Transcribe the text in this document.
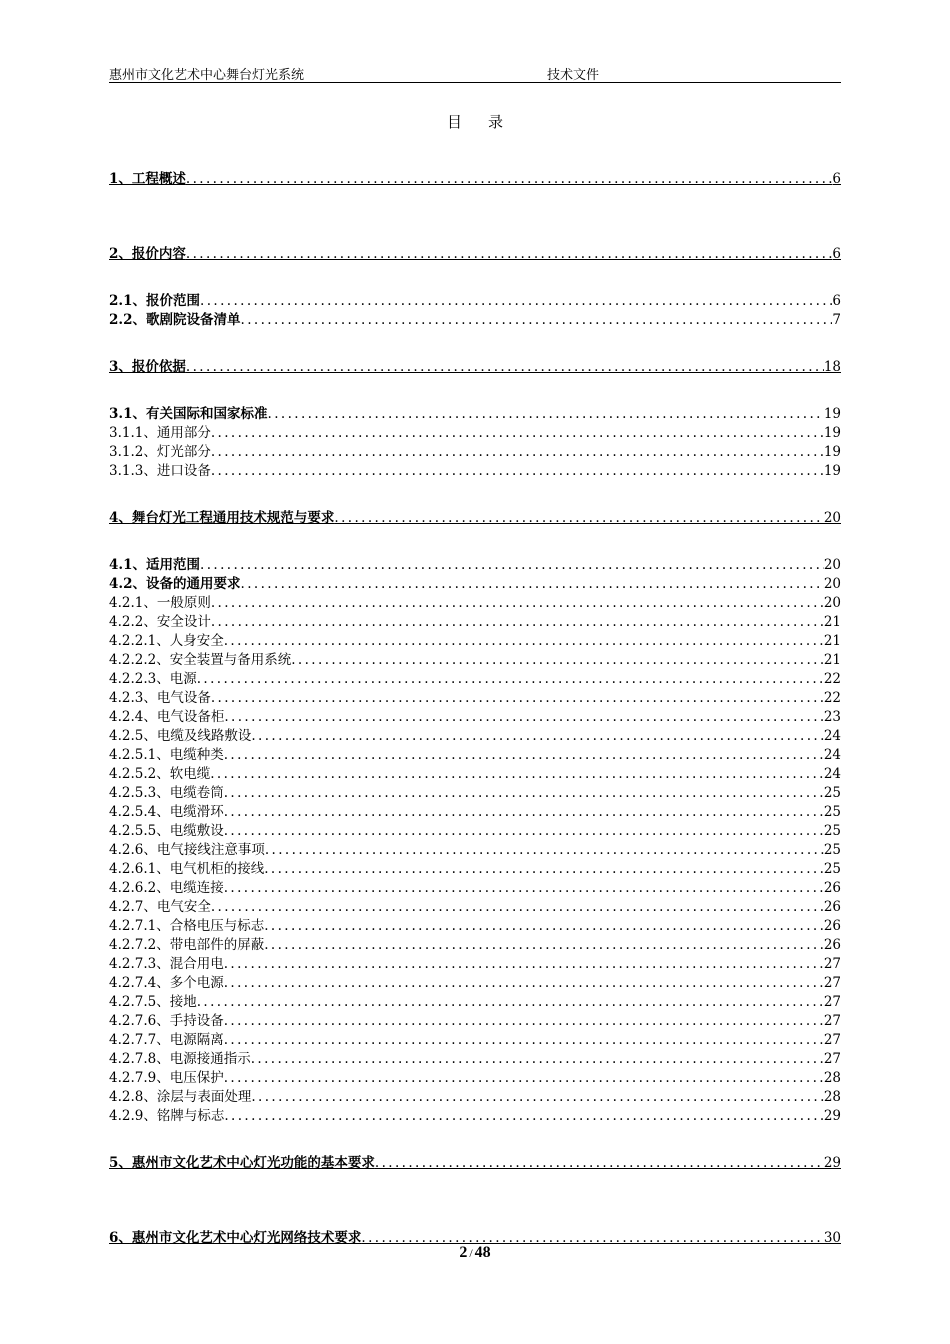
惠州市文化艺术中心舞台灯光系统	技术文件
目录
1、工程概述 .....	6
2、报价内容 .....	6
2.1、报价范围 .....	6
2.2、歌剧院设备清单 .....	7
3、报价依据 .....	18
3.1、有关国际和国家标准 .....	19
3.1.1、通用部分 .....	19
3.1.2、灯光部分 .....	19
3.1.3、进口设备 .....	19
4、舞台灯光工程通用技术规范与要求 .....	20
4.1、适用范围 .....	20
4.2、设备的通用要求 .....	20
4.2.1、一般原则 .....	20
4.2.2、安全设计 .....	21
4.2.2.1、人身安全 .....	21
4.2.2.2、安全装置与备用系统 .....	21
4.2.2.3、电源 .....	22
4.2.3、电气设备 .....	22
4.2.4、电气设备柜 .....	23
4.2.5、电缆及线路敷设 .....	24
4.2.5.1、电缆种类 .....	24
4.2.5.2、软电缆 .....	24
4.2.5.3、电缆卷筒 .....	25
4.2.5.4、电缆滑环 .....	25
4.2.5.5、电缆敷设 .....	25
4.2.6、电气接线注意事项 .....	25
4.2.6.1、电气机柜的接线 .....	25
4.2.6.2、电缆连接 .....	26
4.2.7、电气安全 .....	26
4.2.7.1、合格电压与标志 .....	26
4.2.7.2、带电部件的屏蔽 .....	26
4.2.7.3、混合用电 .....	27
4.2.7.4、多个电源 .....	27
4.2.7.5、接地 .....	27
4.2.7.6、手持设备 .....	27
4.2.7.7、电源隔离 .....	27
4.2.7.8、电源接通指示 .....	27
4.2.7.9、电压保护 .....	28
4.2.8、涂层与表面处理 .....	28
4.2.9、铭牌与标志 .....	29
5、惠州市文化艺术中心灯光功能的基本要求 .....	29
6、惠州市文化艺术中心灯光网络技术要求 .....	30
2 / 48
